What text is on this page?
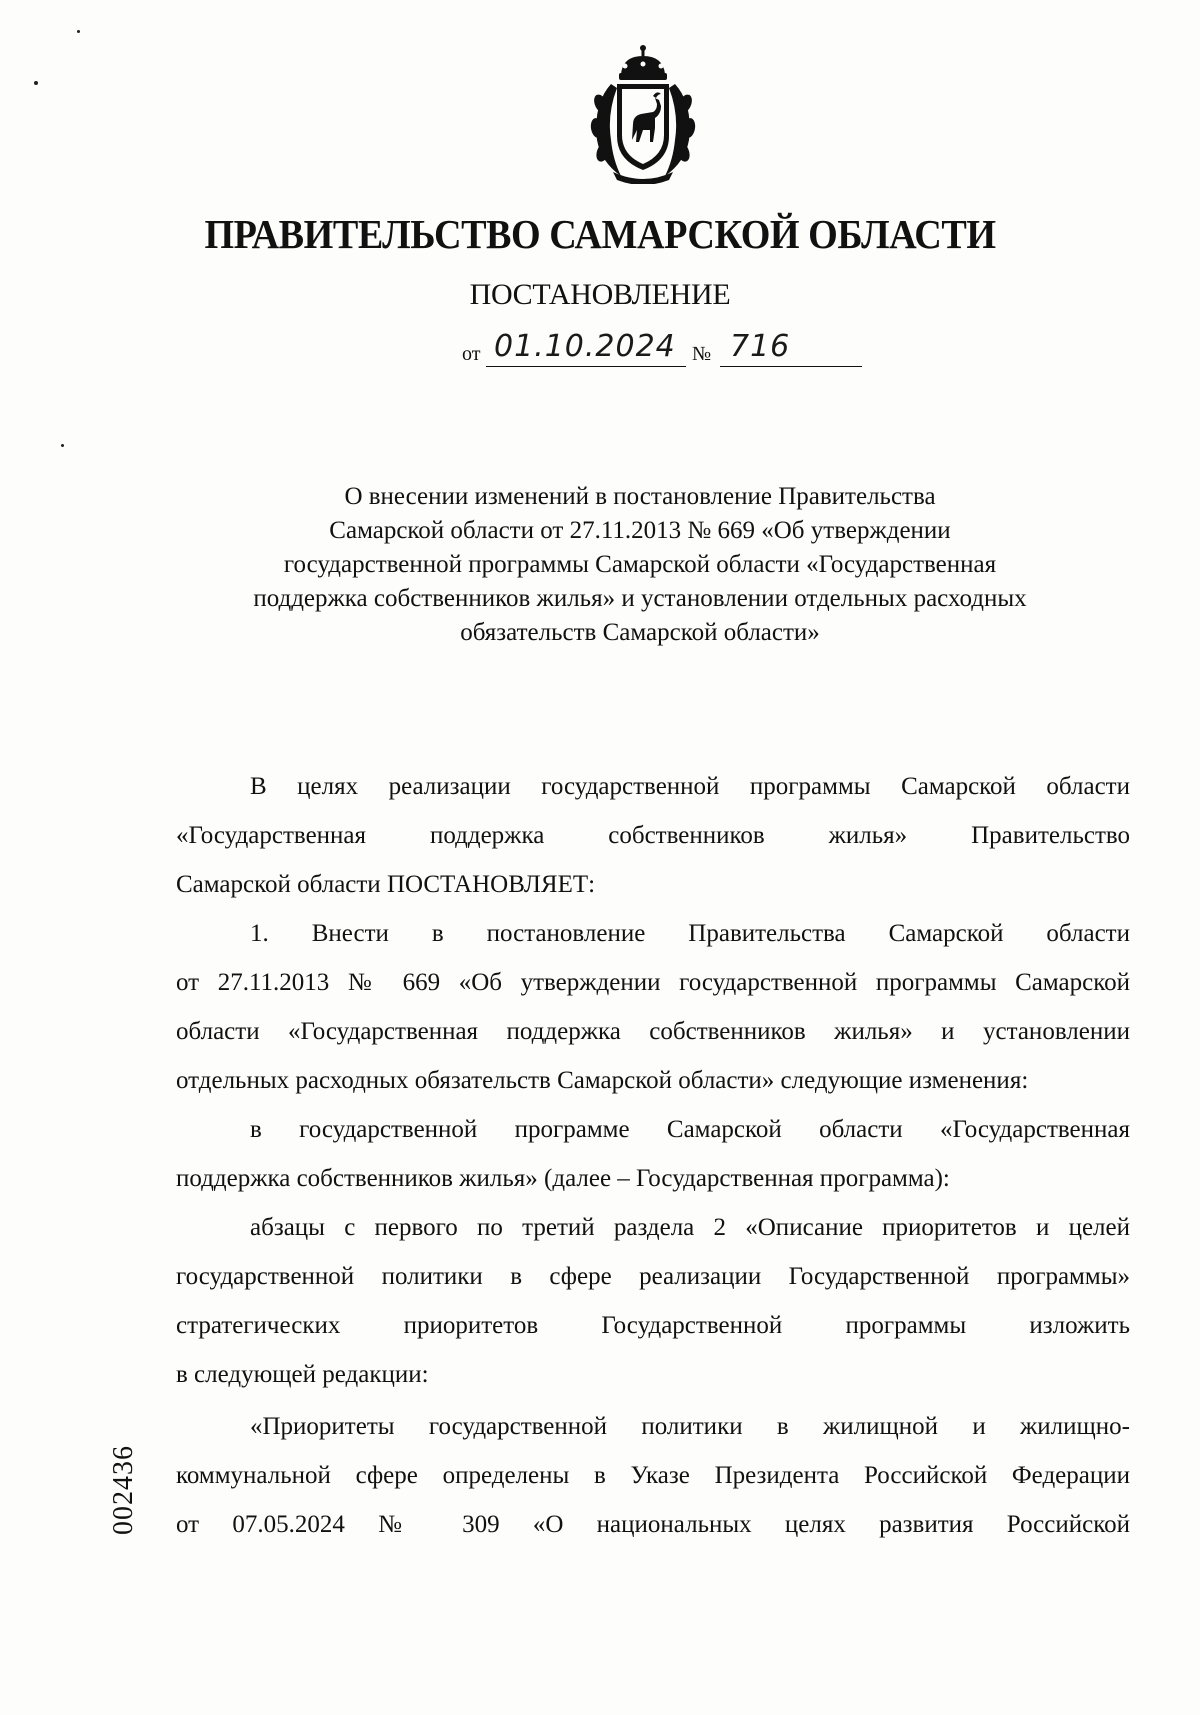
ПРАВИТЕЛЬСТВО САМАРСКОЙ ОБЛАСТИ
ПОСТАНОВЛЕНИЕ
от 01.10.2024 № 716
О внесении изменений в постановление Правительства
Самарской области от 27.11.2013 № 669 «Об утверждении
государственной программы Самарской области «Государственная
поддержка собственников жилья» и установлении отдельных расходных
обязательств Самарской области»
В целях реализации государственной программы Самарской области
«Государственная поддержка собственников жилья» Правительство
Самарской области ПОСТАНОВЛЯЕТ:
1. Внести в постановление Правительства Самарской области
от 27.11.2013 № 669 «Об утверждении государственной программы Самарской
области «Государственная поддержка собственников жилья» и установлении
отдельных расходных обязательств Самарской области» следующие изменения:
в государственной программе Самарской области «Государственная
поддержка собственников жилья» (далее – Государственная программа):
абзацы с первого по третий раздела 2 «Описание приоритетов и целей
государственной политики в сфере реализации Государственной программы»
стратегических приоритетов Государственной программы изложить
в следующей редакции:
«Приоритеты государственной политики в жилищной и жилищно-
коммунальной сфере определены в Указе Президента Российской Федерации
от 07.05.2024 № 309 «О национальных целях развития Российской
002436
